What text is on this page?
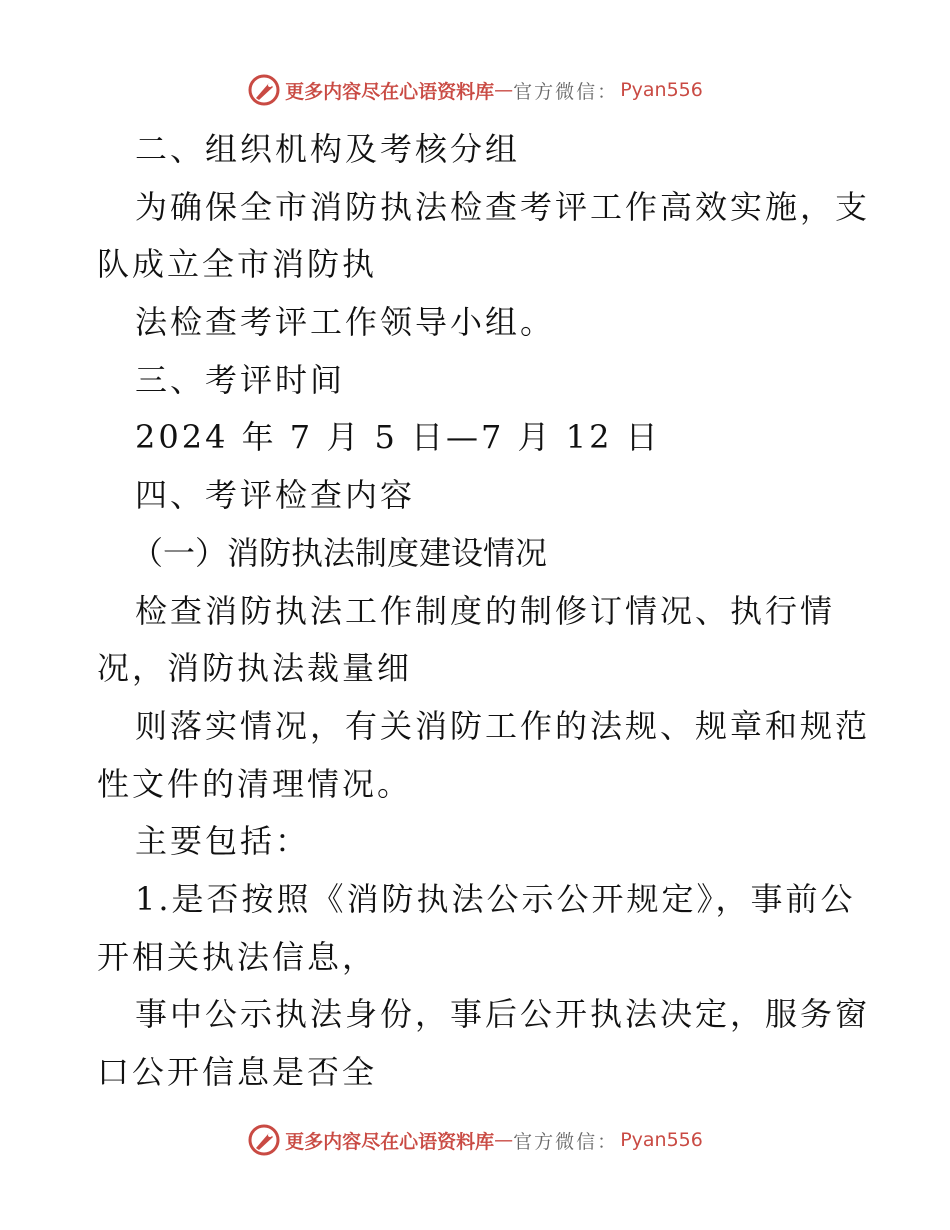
更多内容尽在心语资料库 — 官方微信 ： Pyan556
二、组织机构及考核分组
为确保全市消防执法检查考评工作高效实施，支
队成立全市消防执
法检查考评工作领导小组。
三、考评时间
2024 年 7 月 5 日—7 月 12 日
四、考评检查内容
（一）消防执法制度建设情况
检查消防执法工作制度的制修订情况、执行情
况，消防执法裁量细
则落实情况，有关消防工作的法规、规章和规范
性文件的清理情况。
主要包括：
1.是否按照《消防执法公示公开规定》，事前公
开相关执法信息，
事中公示执法身份，事后公开执法决定，服务窗
口公开信息是否全
更多内容尽在心语资料库 — 官方微信 ： Pyan556
